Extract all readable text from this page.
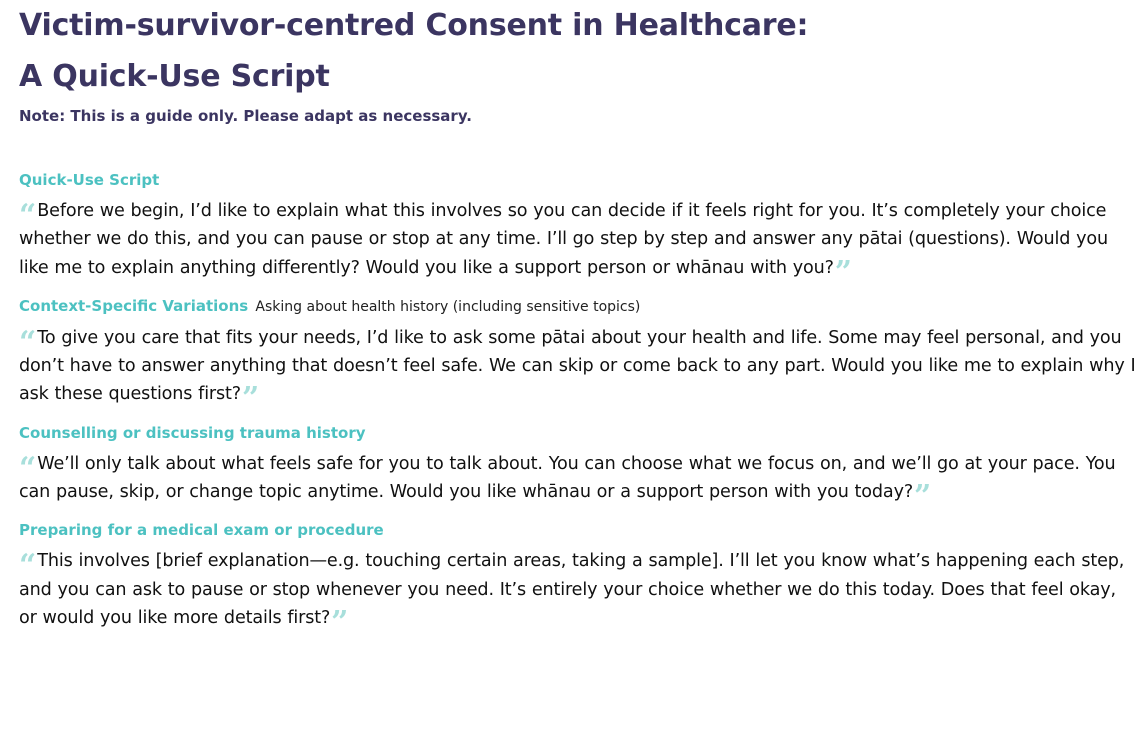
Victim-survivor-centred Consent in Healthcare:
A Quick-Use Script
Note: This is a guide only. Please adapt as necessary.
Quick-Use Script
“ Before we begin, I’d like to explain what this involves so you can decide if it feels right for you. It’s completely your choice whether we do this, and you can pause or stop at any time. I’ll go step by step and answer any pātai (questions). Would you like me to explain anything differently? Would you like a support person or whānau with you?”
Context-Specific Variations Asking about health history (including sensitive topics)
“ To give you care that fits your needs, I’d like to ask some pātai about your health and life. Some may feel personal, and you don’t have to answer anything that doesn’t feel safe. We can skip or come back to any part. Would you like me to explain why I ask these questions first?”
Counselling or discussing trauma history
“ We’ll only talk about what feels safe for you to talk about. You can choose what we focus on, and we’ll go at your pace. You can pause, skip, or change topic anytime. Would you like whānau or a support person with you today?”
Preparing for a medical exam or procedure
“ This involves [brief explanation—e.g. touching certain areas, taking a sample]. I’ll let you know what’s happening each step, and you can ask to pause or stop whenever you need. It’s entirely your choice whether we do this today. Does that feel okay, or would you like more details first?”
